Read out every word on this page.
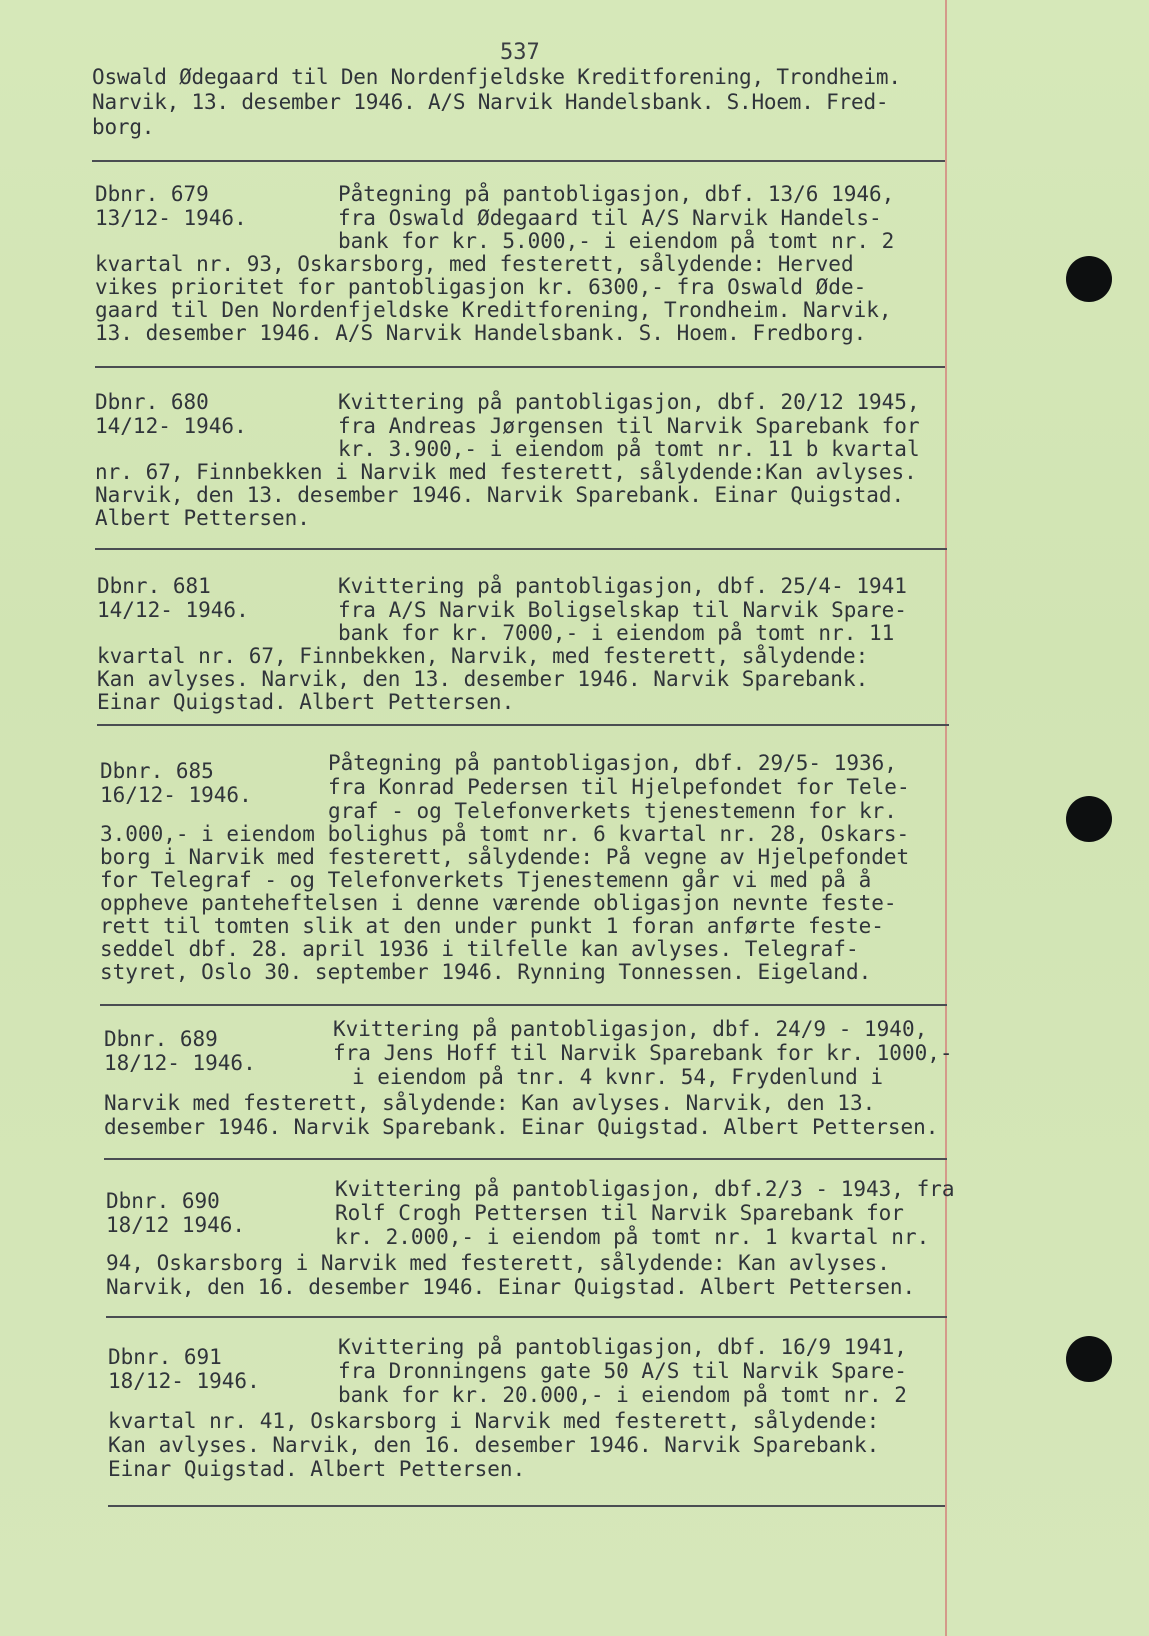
537
Oswald Ødegaard til Den Nordenfjeldske Kreditforening, Trondheim.
Narvik, 13. desember 1946. A/S Narvik Handelsbank. S.Hoem. Fred-
borg.
Dbnr. 679
13/12- 1946.
Påtegning på pantobligasjon, dbf. 13/6 1946,
fra Oswald Ødegaard til A/S Narvik Handels-
bank for kr. 5.000,- i eiendom på tomt nr. 2
kvartal nr. 93, Oskarsborg, med festerett, sålydende: Herved
vikes prioritet for pantobligasjon kr. 6300,- fra Oswald Øde-
gaard til Den Nordenfjeldske Kreditforening, Trondheim. Narvik,
13. desember 1946. A/S Narvik Handelsbank. S. Hoem. Fredborg.
Dbnr. 680
14/12- 1946.
Kvittering på pantobligasjon, dbf. 20/12 1945,
fra Andreas Jørgensen til Narvik Sparebank for
kr. 3.900,- i eiendom på tomt nr. 11 b kvartal
nr. 67, Finnbekken i Narvik med festerett, sålydende:Kan avlyses.
Narvik, den 13. desember 1946. Narvik Sparebank. Einar Quigstad.
Albert Pettersen.
Dbnr. 681
14/12- 1946.
Kvittering på pantobligasjon, dbf. 25/4- 1941
fra A/S Narvik Boligselskap til Narvik Spare-
bank for kr. 7000,- i eiendom på tomt nr. 11
kvartal nr. 67, Finnbekken, Narvik, med festerett, sålydende:
Kan avlyses. Narvik, den 13. desember 1946. Narvik Sparebank.
Einar Quigstad. Albert Pettersen.
Dbnr. 685
16/12- 1946.
Påtegning på pantobligasjon, dbf. 29/5- 1936,
fra Konrad Pedersen til Hjelpefondet for Tele-
graf - og Telefonverkets tjenestemenn for kr.
3.000,- i eiendom bolighus på tomt nr. 6 kvartal nr. 28, Oskars-
borg i Narvik med festerett, sålydende: På vegne av Hjelpefondet
for Telegraf - og Telefonverkets Tjenestemenn går vi med på å
oppheve panteheftelsen i denne værende obligasjon nevnte feste-
rett til tomten slik at den under punkt 1 foran anførte feste-
seddel dbf. 28. april 1936 i tilfelle kan avlyses. Telegraf-
styret, Oslo 30. september 1946. Rynning Tonnessen. Eigeland.
Dbnr. 689
18/12- 1946.
Kvittering på pantobligasjon, dbf. 24/9 - 1940,
fra Jens Hoff til Narvik Sparebank for kr. 1000,-
i eiendom på tnr. 4 kvnr. 54, Frydenlund i
Narvik med festerett, sålydende: Kan avlyses. Narvik, den 13.
desember 1946. Narvik Sparebank. Einar Quigstad. Albert Pettersen.
Dbnr. 690
18/12 1946.
Kvittering på pantobligasjon, dbf.2/3 - 1943, fra
Rolf Crogh Pettersen til Narvik Sparebank for
kr. 2.000,- i eiendom på tomt nr. 1 kvartal nr.
94, Oskarsborg i Narvik med festerett, sålydende: Kan avlyses.
Narvik, den 16. desember 1946. Einar Quigstad. Albert Pettersen.
Dbnr. 691
18/12- 1946.
Kvittering på pantobligasjon, dbf. 16/9 1941,
fra Dronningens gate 50 A/S til Narvik Spare-
bank for kr. 20.000,- i eiendom på tomt nr. 2
kvartal nr. 41, Oskarsborg i Narvik med festerett, sålydende:
Kan avlyses. Narvik, den 16. desember 1946. Narvik Sparebank.
Einar Quigstad. Albert Pettersen.
